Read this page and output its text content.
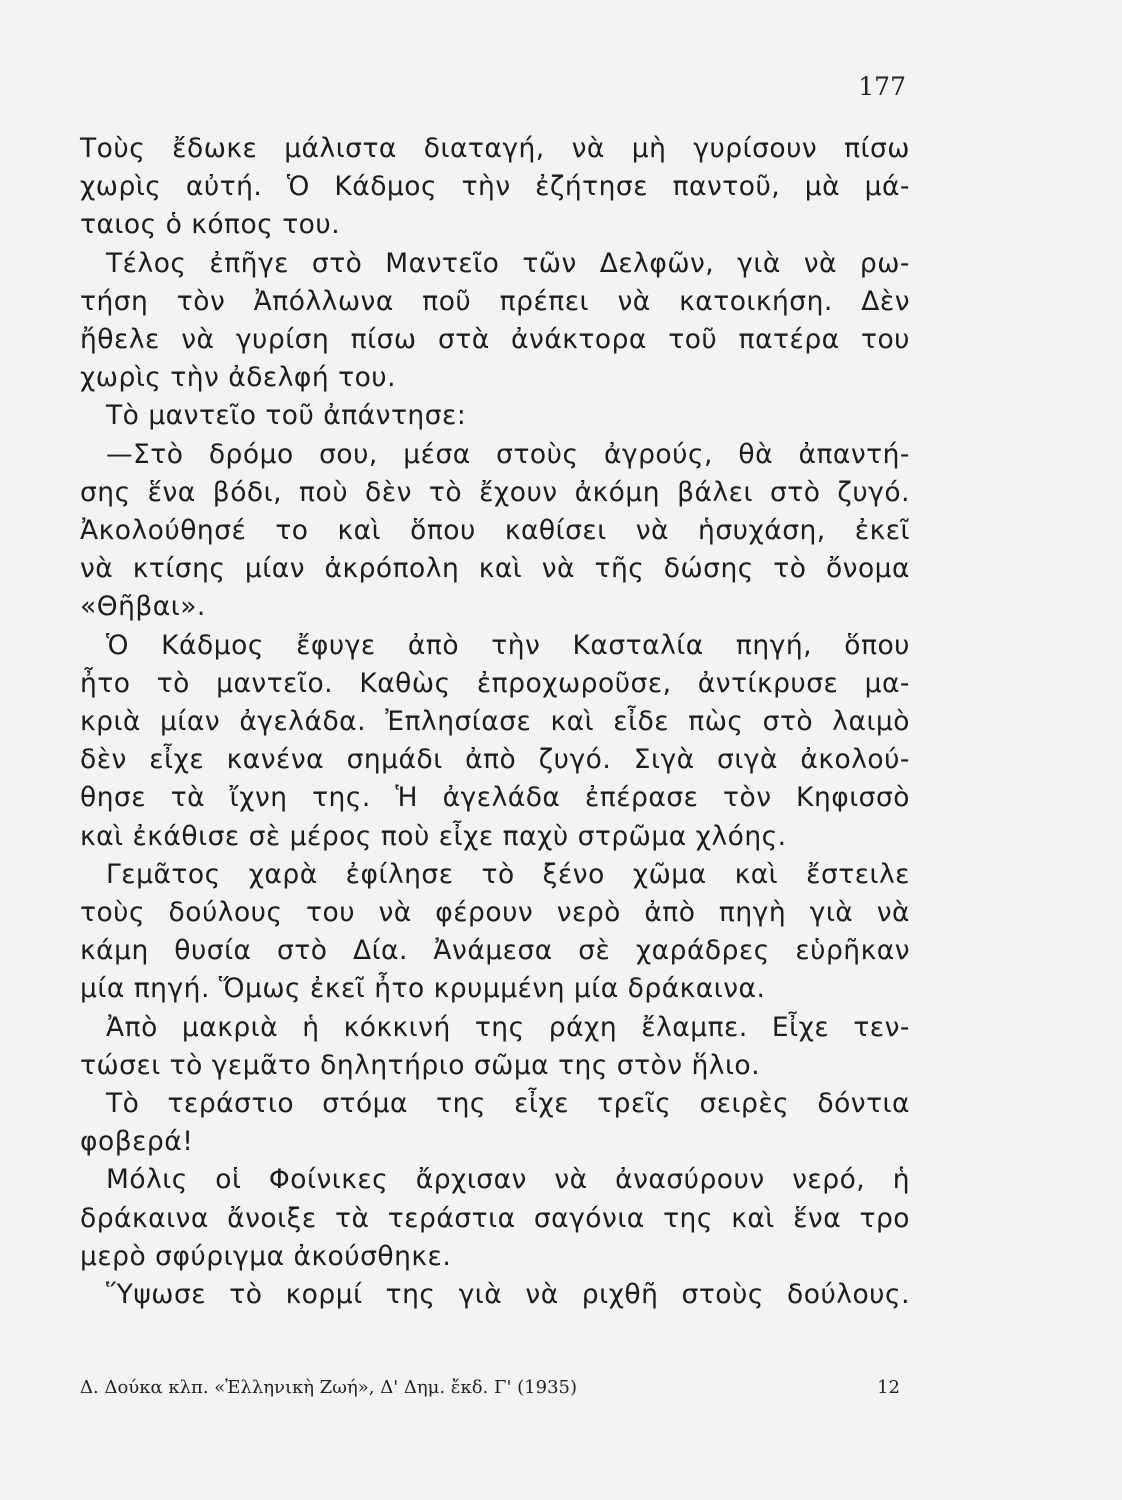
177
Τοὺς ἔδωκε μάλιστα διαταγή, νὰ μὴ γυρίσουν πίσω
χωρὶς αὐτή. Ὁ Κάδμος τὴν ἐζήτησε παντοῦ, μὰ μά-
ταιος ὁ κόπος του.
Τέλος ἐπῆγε στὸ Μαντεῖο τῶν Δελφῶν, γιὰ νὰ ρω-
τήση τὸν Ἀπόλλωνα ποῦ πρέπει νὰ κατοικήση. Δὲν
ἤθελε νὰ γυρίση πίσω στὰ ἀνάκτορα τοῦ πατέρα του
χωρὶς τὴν ἀδελφή του.
Τὸ μαντεῖο τοῦ ἀπάντησε:
—Στὸ δρόμο σου, μέσα στοὺς ἀγρούς, θὰ ἀπαντή-
σης ἕνα βόδι, ποὺ δὲν τὸ ἔχουν ἀκόμη βάλει στὸ ζυγό.
Ἀκολούθησέ το καὶ ὅπου καθίσει νὰ ἡσυχάση, ἐκεῖ
νὰ κτίσης μίαν ἀκρόπολη καὶ νὰ τῆς δώσης τὸ ὄνομα
«Θῆβαι».
Ὁ Κάδμος ἔφυγε ἀπὸ τὴν Κασταλία πηγή, ὅπου
ἦτο τὸ μαντεῖο. Καθὼς ἐπροχωροῦσε, ἀντίκρυσε μα-
κριὰ μίαν ἀγελάδα. Ἐπλησίασε καὶ εἶδε πὼς στὸ λαιμὸ
δὲν εἶχε κανένα σημάδι ἀπὸ ζυγό. Σιγὰ σιγὰ ἀκολού-
θησε τὰ ἴχνη της. Ἡ ἀγελάδα ἐπέρασε τὸν Κηφισσὸ
καὶ ἐκάθισε σὲ μέρος ποὺ εἶχε παχὺ στρῶμα χλόης.
Γεμᾶτος χαρὰ ἐφίλησε τὸ ξένο χῶμα καὶ ἔστειλε
τοὺς δούλους του νὰ φέρουν νερὸ ἀπὸ πηγὴ γιὰ νὰ
κάμη θυσία στὸ Δία. Ἀνάμεσα σὲ χαράδρες εὑρῆκαν
μία πηγή. Ὅμως ἐκεῖ ἦτο κρυμμένη μία δράκαινα.
Ἀπὸ μακριὰ ἡ κόκκινή της ράχη ἔλαμπε. Εἶχε τεν-
τώσει τὸ γεμᾶτο δηλητήριο σῶμα της στὸν ἥλιο.
Τὸ τεράστιο στόμα της εἶχε τρεῖς σειρὲς δόντια
φοβερά!
Μόλις οἱ Φοίνικες ἄρχισαν νὰ ἀνασύρουν νερό, ἡ
δράκαινα ἄνοιξε τὰ τεράστια σαγόνια της καὶ ἕνα τρο
μερὸ σφύριγμα ἀκούσθηκε.
Ὕψωσε τὸ κορμί της γιὰ νὰ ριχθῆ στοὺς δούλους.
Δ. Δούκα κλπ. «Ἑλληνικὴ Ζωή», Δ' Δημ. ἔκδ. Γ' (1935)	12
